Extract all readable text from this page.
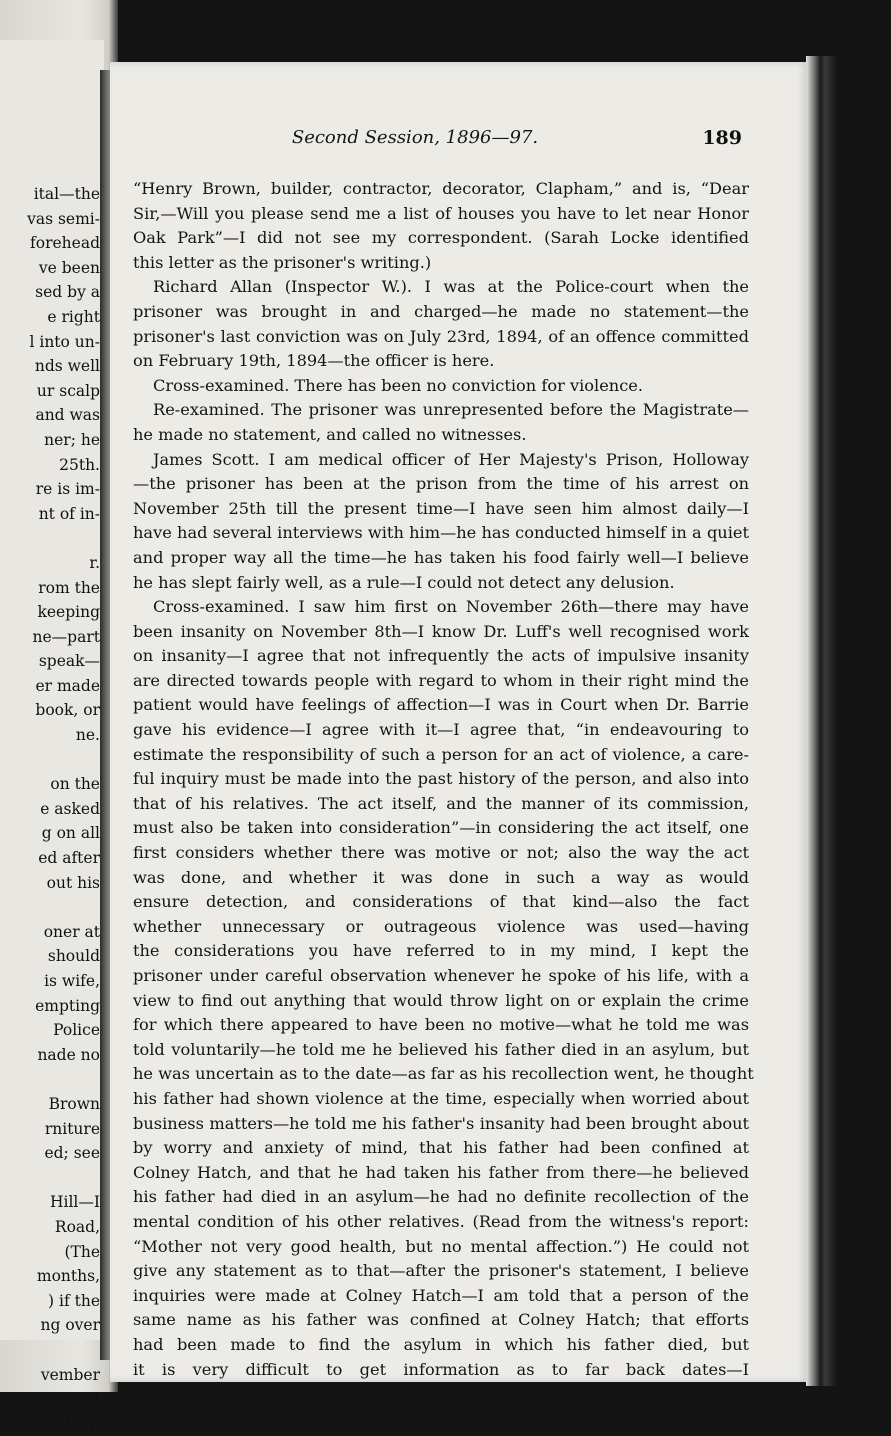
ital—the
vas semi-
forehead
ve been
sed by a
e right
l into un-
nds well
ur scalp
and was
ner; he
25th.
re is im-
nt of in-
r.
rom the
keeping
ne—part
speak—
er made
book, or
ne.
on the
e asked
g on all
ed after
out his
oner at
should
is wife,
empting
Police
nade no
Brown
rniture
ed; see
Hill—I
Road,
(The
months,
) if the
ng over
vember
hich I
eading,
Second Session, 1896—97.	189
“Henry Brown, builder, contractor, decorator, Clapham,” and is, “Dear
Sir,—Will you please send me a list of houses you have to let near Honor
Oak Park”—I did not see my correspondent. (Sarah Locke identified
this letter as the prisoner's writing.)
Richard Allan (Inspector W.). I was at the Police-court when the
prisoner was brought in and charged—he made no statement—the
prisoner's last conviction was on July 23rd, 1894, of an offence committed
on February 19th, 1894—the officer is here.
Cross-examined. There has been no conviction for violence.
Re-examined. The prisoner was unrepresented before the Magistrate—
he made no statement, and called no witnesses.
James Scott. I am medical officer of Her Majesty's Prison, Holloway
—the prisoner has been at the prison from the time of his arrest on
November 25th till the present time—I have seen him almost daily—I
have had several interviews with him—he has conducted himself in a quiet
and proper way all the time—he has taken his food fairly well—I believe
he has slept fairly well, as a rule—I could not detect any delusion.
Cross-examined. I saw him first on November 26th—there may have
been insanity on November 8th—I know Dr. Luff's well recognised work
on insanity—I agree that not infrequently the acts of impulsive insanity
are directed towards people with regard to whom in their right mind the
patient would have feelings of affection—I was in Court when Dr. Barrie
gave his evidence—I agree with it—I agree that, “in endeavouring to
estimate the responsibility of such a person for an act of violence, a care-
ful inquiry must be made into the past history of the person, and also into
that of his relatives. The act itself, and the manner of its commission,
must also be taken into consideration”—in considering the act itself, one
first considers whether there was motive or not; also the way the act
was done, and whether it was done in such a way as would
ensure detection, and considerations of that kind—also the fact
whether unnecessary or outrageous violence was used—having
the considerations you have referred to in my mind, I kept the
prisoner under careful observation whenever he spoke of his life, with a
view to find out anything that would throw light on or explain the crime
for which there appeared to have been no motive—what he told me was
told voluntarily—he told me he believed his father died in an asylum, but
he was uncertain as to the date—as far as his recollection went, he thought
his father had shown violence at the time, especially when worried about
business matters—he told me his father's insanity had been brought about
by worry and anxiety of mind, that his father had been confined at
Colney Hatch, and that he had taken his father from there—he believed
his father had died in an asylum—he had no definite recollection of the
mental condition of his other relatives. (Read from the witness's report:
“Mother not very good health, but no mental affection.”) He could not
give any statement as to that—after the prisoner's statement, I believe
inquiries were made at Colney Hatch—I am told that a person of the
same name as his father was confined at Colney Hatch; that efforts
had been made to find the asylum in which his father died, but
it is very difficult to get information as to far back dates—I
heard this morning that the prisoner's father died at the Cater-
ham Asylum—as far as I can test them, his statements made in my report
